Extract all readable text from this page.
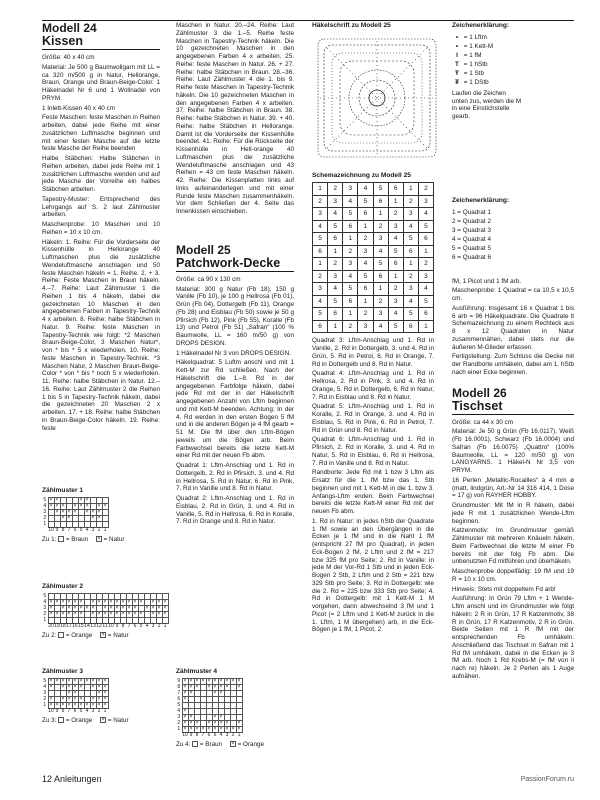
Modell 24
Kissen

Größe: 40 x 40 cm

Material: Je 500 g Baumwollgarn mit LL = ca 320 m/500 g in Natur, Hellorange, Braun, Orange und Braun-Beige-Color. 1 Häkelnadel Nr 6 und 1 Wollnadel von PRYM.

1 Inlett-Kissen 40 x 40 cm

Feste Maschen: feste Maschen in Reihen arbeiten, dabei jede Reihe mit einer zusätzlichen Luftmasche beginnen und mit einer festen Masche auf die letzte feste Masche der Reihe beenden

Halbe Stäbchen: Halbe Stäbchen in Reihen arbeiten, dabei jede Reihe mit 1 zusätzlichen Luftmasche wenden und auf jede Masche der Vorreihe ein halbes Stäbchen arbeiten.

Tapestry-Muster: Entsprechend des Lehrgangs auf S. 2 laut Zählmuster arbeiten.

Maschenprobe: 10 Maschen und 10 Reihen = 10 x 10 cm.

Häkeln: 1. Reihe: Für die Vorderseite der Kissenhülle in Hellorange 40 Luftmaschen plus die zusätzliche Wendeluftmasche anschlagen und 50 feste Maschen häkeln = 1. Reihe. 2. + 3. Reihe: Feste Maschen in Braun häkeln. 4.–7. Reihe: Laut Zählmuster 1 die Reihen 1 bis 4 häkeln, dabei die gezeichneten 10 Maschen in den angegebenen Farben in Tapestry-Technik 4 x arbeiten. 8. Reihe: halbe Stäbchen in Natur. 9. Reihe: feste Maschen in Tapestry-Technik wie folgt: *2 Maschen Braun-Beige-Color, 3 Maschen Natur*, von * bis * 5 x wiederholen. 10. Reihe: feste Maschen in Tapestry-Technik. *3 Maschen Natur, 2 Maschen Braun-Beige-Color * von * bis * noch 5 x wiederholen. 11. Reihe: halbe Stäbchen in Natur. 12.–16. Reihe: Laut Zählmuster 2 die Reihen 1 bis 5 in Tapestry-Technik häkeln, dabei die gezeichneten 20 Maschen 2 x arbeiten. 17. + 18. Reihe: halbe Stäbchen in Braun-Beige-Color häkeln. 19. Reihe: feste

Zählmuster 1
5	×	×				×	×			
4	×	×	×		×	×	×		×	×
3		×	×	×	×		×	×	×	
2			×	×				×	×	
1										
	10	9	8	7	6	5	4	3	2	1
Zu 1: = Braun × = Natur
Zählmuster 2
5																				
4	×	×	×	×	×	×		×	×	×	×	×	×	×	×	×		×	×	×
3	×		×	×	×	×	×	×		×	×	×	×	×	×		×	×	×	×
2	×	×	×	×	×	×		×	×	×	×	×	×	×	×	×		×	×	×
1																				
	20	19	18	17	16	15	14	13	12	11	10	9	8	7	6	5	4	3	2	1
Zu 2: = Orange × = Natur
Zählmuster 3
5	×	×	×	×	×	×	×	×	×	×
4	×		×	×	×	×		×	×	×
3				×	×				×	×
2	×		×	×	×	×		×	×	×
1	×	×	×	×	×	×	×	×	×	×
	10	9	8	7	6	5	4	3	2	1
Zu 3: = Orange × = Natur
Zählmuster 4
9	×	×	×	×	×	×	×	×	×	×
8	×	×	×		×	×	×	×		×
7	×	×				×	×			
6	×									
5										
4	×									
3	×	×				×	×			
2	×	×	×		×	×	×	×		×
1	×	×	×	×	×	×	×	×	×	×
	10	9	8	7	6	5	4	3	2	1
Zu 4: = Braun × = Orange

Maschen in Natur. 20.–24. Reihe: Laut Zählmuster 3 die 1.–5. Reihe feste Maschen in Tapestry-Technik häkeln. Die 10 gezeichneten Maschen in den angegebenen Farben 4 x arbeiten. 25. Reihe: feste Maschen in Natur. 26. + 27. Reihe: halbe Stäbchen in Braun. 28.–36. Reihe: Laut Zählmuster 4 die 1. bis 9. Reihe feste Maschen in Tapestry-Technik häkeln. Die 10 gezeichneten Maschen in den angegebenen Farben 4 x arbeiten. 37. Reihe: halbe Stäbchen in Braun. 38. Reihe: halbe Stäbchen in Natur. 39. + 40. Reihe: halbe Stäbchen in Hellorange. Damit ist die Vorderseite der Kissenhülle beendet. 41. Reihe: Für die Rückseite der Kissenhülle in Hell-orange 40 Luftmaschen plus die zusätzliche Wendeluftmasche anschlagen und 43 Reihen = 43 cm feste Maschen häkeln. 42. Reihe: Die Kissenplatten links auf links aufeinanderlegen und mit einer Runde feste Maschen zusammenhäkeln. Vor dem Schließen der 4. Seite das Innenkissen einschieben.

Modell 25
Patchwork-Decke

Größe: ca 90 x 130 cm

Material: 300 g Natur (Fb 18), 150 g Vanille (Fb 10), je 100 g Hellrosa (Fb 01), Grün (Fb 04), Dottergelb (Fb 11), Orange (Fb 28) und Eisblau (Fb 50) sowie je 50 g Pfirsich (Fb 12), Pink (Fb 55), Koralle (Fb 13) und Petrol (Fb 51) „Safran“ (100 % Baumwolle, LL = 160 m/50 g) von DROPS DESIGN.

1 Häkelnadel Nr 3 von DROPS DESIGN.

Häkelquadrat: 5 Luftm anschl und mit 1 Kett-M zur Rd schließen. Nach der Häkelschrift die 1.–8. Rd in der angegebenen Farbfolge häkeln, dabei jede Rd mit der in der Häkelschrift angegebenen Anzahl von Lftm beginnen und mit Kett-M beenden. Achtung: In der 4. Rd werden in den ersten Bogen 5 fM und in die anderen Bögen je 4 fM gearb = 51 M. Die fM über den Lftm-Bögen jeweils um die Bögen arb. Beim Farbwechsel bereits die letzte Kett-M einer Rd mit der neuen Fb abm.

Quadrat 1: Lftm-Anschlag und 1. Rd in Dottergelb, 2. Rd in Pfirsich, 3. und 4. Rd in Hellrosa, 5. Rd in Natur, 6. Rd in Pink, 7. Rd in Vanille und 8. Rd in Natur.

Quadrat 2: Lftm-Anschlag und 1. Rd in Eisblau, 2. Rd in Grün, 3. und 4. Rd in Vanille, 5. Rd in Hellrosa, 6. Rd in Koralle, 7. Rd in Orange und 8. Rd in Natur.

Häkelschrift zu Modell 25
Schemazeichnung zu Modell 25
1	2	3	4	5	6	1	2
2	3	4	5	6	1	2	3
3	4	5	6	1	2	3	4
4	5	6	1	2	3	4	5
5	6	1	2	3	4	5	6
6	1	2	3	4	5	6	1
1	2	3	4	5	6	1	2
2	3	4	5	6	1	2	3
3	4	5	6	1	2	3	4
4	5	6	1	2	3	4	5
5	6	1	2	3	4	5	6
6	1	2	3	4	5	6	1

Quadrat 3: Lftm-Anschlag und 1. Rd in Vanille, 2. Rd in Dottergelb, 3. und 4. Rd in Grün, 5. Rd in Petrol, 6. Rd in Orange, 7. Rd in Dottergelb und 8. Rd in Natur.

Quadrat 4: Lftm-Anschlag und 1. Rd in Hellrosa, 2. Rd in Pink, 3. und 4. Rd in Orange, 5. Rd in Dottergelb, 6. Rd in Natur, 7. Rd in Eisblau und 8. Rd in Natur.

Quadrat 5: Lftm-Anschlag und 1. Rd in Koralle, 2. Rd in Orange, 3. und 4. Rd in Eisblau, 5. Rd in Pink, 6. Rd in Petrol, 7. Rd in Grün und 8. Rd in Natur.

Quadrat 6: Lftm-Anschlag und 1. Rd in Pfirsich, 2. Rd in Koralle, 3. und 4. Rd in Natur, 5. Rd in Eisblau, 6. Rd in Hellrosa, 7. Rd in Vanille und 8. Rd in Natur.

Randborte: Jede Rd mit 1 bzw 3 Lftm als Ersatz für die 1. fM bzw das 1. Stb beginnen und mit 1 Kett-M in die 1. bzw 3. Anfangs-Lftm enden. Beim Farbwechsel bereits die letzte Kett-M einer Rd mit der neuen Fb abm.

1. Rd in Natur: in jedes hStb der Quadrate 1 fM sowie an den Übergängen in die Ecken je 1 fM und in die Naht 1 fM (entspricht 27 fM pro Quadrat), in jeden Eck-Bogen 2 fM, 2 Lftm und 2 fM = 217 bzw 325 fM pro Seite; 2. Rd in Vanille: in jede M der Vor-Rd 1 Stb und in jeden Eck-Bogen 2 Stb, 2 Lftm und 2 Stb = 221 bzw 329 Stb pro Seite; 3. Rd in Dottergelb: wie die 2. Rd = 225 bzw 333 Stb pro Seite; 4. Rd in Dottergelb: mit 1 Kett-M 1 M vorgehen, dann abwechselnd 3 fM und 1 Picot (= 2 Lftm und 1 Kett-M zurück in die 1. Lftm, 1 M übergehen) arb, in die Eck-Bögen je 1 fM, 1 Picot, 2

Zeichenerklärung:
• = 1 Lftm
• = 1 Kett-M
I = 1 fM
T = 1 hStb
Ŧ = 1 Stb
₮ = 1 DStb

Laufen die Zeichen unten zus, werden die M in eine Einstichstelle gearb.

Zeichenerklärung:
1 = Quadrat 1
2 = Quadrat 2
3 = Quadrat 3
4 = Quadrat 4
5 = Quadrat 5
6 = Quadrat 6

fM, 1 Picot und 1 fM arb.

Maschenprobe: 1 Quadrat = ca 10,5 x 10,5 cm.

Ausführung: Insgesamt 16 x Quadrat 1 bis 6 arb = 96 Häkelquadrate. Die Quadrate lt Schemazeichnung zu einem Rechteck aus 8 x 12 Quadraten in Natur zusammennähen, dabei stets nur die äußeren M-Glieder erfassen.

Fertigstellung: Zum Schluss die Decke mit der Randborte umhäkeln, dabei am 1. hStb nach einer Ecke beginnen.

Modell 26
Tischset

Größe: ca 44 x 30 cm

Material: Je 50 g Grün (Fb 16.0117), Weiß (Fb 16.0001), Schwarz (Fb 16.0004) und Safran (Fb 16.0075) „Quattro“ (100% Baumwolle, LL = 120 m/50 g) von LANGYARNS. 1 Häkel-N Nr 3,5 von PRYM.

16 Perlen „Metallic-Rocailles“ á 4 mm ø (matt, lindgrün, Art.-Nr 14 316 414, 1 Dose = 17 g) von RAYHER HOBBY.

Grundmuster: Mit fM in R häkeln, dabei jede R mit 1 zusätzlichen Wende-Lftm beginnen.

Katzenmotiv: Im Grundmuster gemäß Zählmuster mit mehreren Knäueln häkeln. Beim Farbwechsel die letzte M einer Fb bereits mit der folg Fb abm. Die unbenutzten Fd mitführen und überhäkeln.

Maschenprobe doppelfädig: 19 fM und 19 R = 10 x 10 cm.

Hinweis: Stets mit doppeltem Fd arb!

Ausführung: In Grün 79 Lftm + 1 Wende-Lftm anschl und im Grundmuster wie folgt häkeln: 2 R in Grün, 17 R Katzenmotiv, 38 R in Grün, 17 R Katzenmotiv, 2 R in Grün. Beide Seiten mit 1 R fM mit der entsprechenden Fb umhäkeln. Anschließend das Tischset in Safran mit 1 Rd fM umhäkeln, dabei in die Ecken je 3 fM arb. Noch 1 Rd Krebs-M (= fM von li nach re) häkeln. Je 2 Perlen als 1 Auge aufnähen.

12 Anleitungen	PassionForum.ru
